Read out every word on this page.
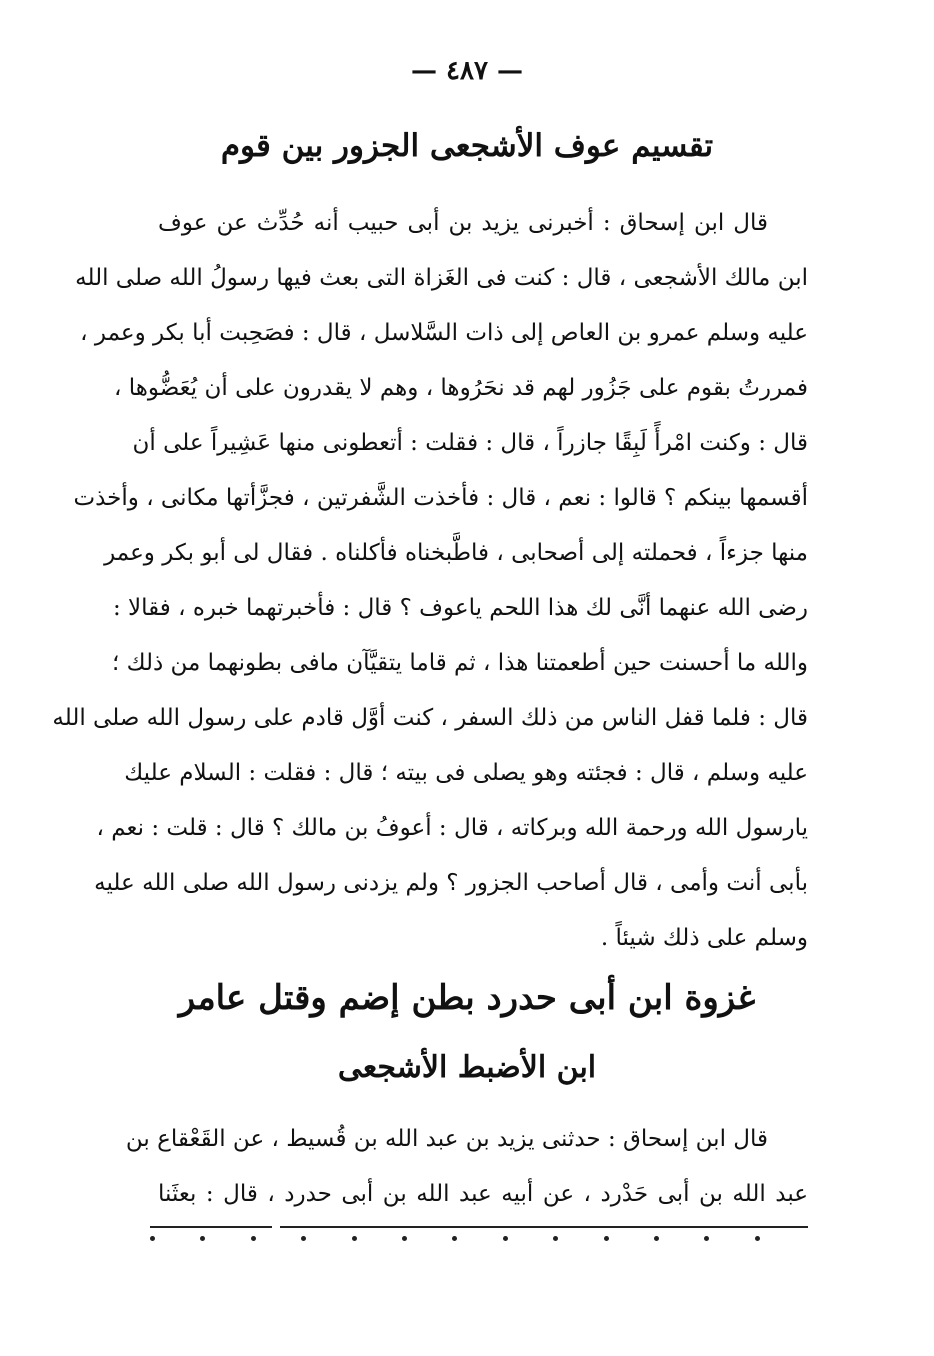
— ٤٨٧ —
تقسيم عوف الأشجعى الجزور بين قوم
قال ابن إسحاق : أخبرنى يزيد بن أبى حبيب أنه حُدِّث عن عوف
ابن مالك الأشجعى ، قال : كنت فى الغَزاة التى بعث فيها رسولُ الله صلى الله
عليه وسلم عمرو بن العاص إلى ذات السَّلاسل ، قال : فصَحِبت أبا بكر وعمر ،
فمررتُ بقوم على جَزُور لهم قد نحَرُوها ، وهم لا يقدرون على أن يُعَضُّوها ،
قال : وكنت امْرأً لَبِقًا جازراً ، قال : فقلت : أتعطونى منها عَشِيراً على أن
أقسمها بينكم ؟ قالوا : نعم ، قال : فأخذت الشَّفرتين ، فجزَّأتها مكانى ، وأخذت
منها جزءاً ، فحملته إلى أصحابى ، فاطَّبخناه فأكلناه . فقال لى أبو بكر وعمر
رضى الله عنهما أنَّى لك هذا اللحم ياعوف ؟ قال : فأخبرتهما خبره ، فقالا :
والله ما أحسنت حين أطعمتنا هذا ، ثم قاما يتقيَّآن مافى بطونهما من ذلك ؛
قال : فلما قفل الناس من ذلك السفر ، كنت أوَّل قادم على رسول الله صلى الله
عليه وسلم ، قال : فجئته وهو يصلى فى بيته ؛ قال : فقلت : السلام عليك
يارسول الله ورحمة الله وبركاته ، قال : أعوفُ بن مالك ؟ قال : قلت : نعم ،
بأبى أنت وأمى ، قال أصاحب الجزور ؟ ولم يزدنى رسول الله صلى الله عليه
وسلم على ذلك شيئاً .
غزوة ابن أبى حدرد بطن إضم وقتل عامر
ابن الأضبط الأشجعى
قال ابن إسحاق : حدثنى يزيد بن عبد الله بن قُسيط ، عن القَعْقاع بن
عبد الله بن أبى حَدْرد ، عن أبيه عبد الله بن أبى حدرد ، قال : بعثَنا
